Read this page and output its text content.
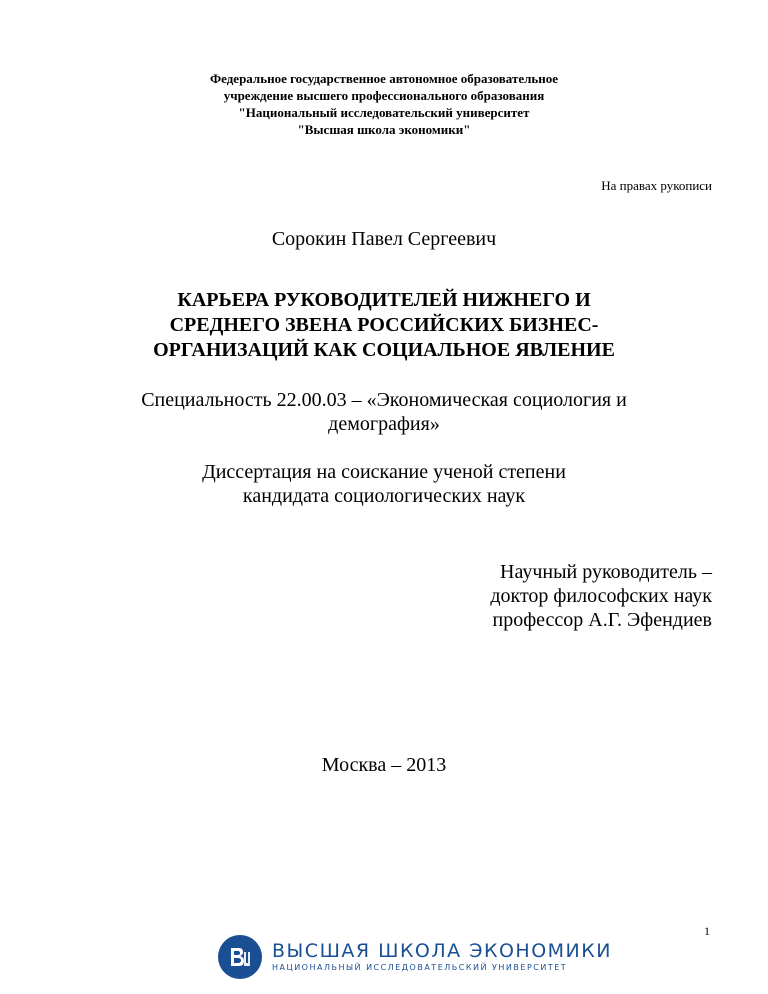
Федеральное государственное автономное образовательное
учреждение высшего профессионального образования
"Национальный исследовательский университет
"Высшая школа экономики"
На правах рукописи
Сорокин Павел Сергеевич
КАРЬЕРА РУКОВОДИТЕЛЕЙ НИЖНЕГО И
СРЕДНЕГО ЗВЕНА РОССИЙСКИХ БИЗНЕС-
ОРГАНИЗАЦИЙ КАК СОЦИАЛЬНОЕ ЯВЛЕНИЕ
Специальность 22.00.03 – «Экономическая социология и
демография»
Диссертация на соискание ученой степени
кандидата социологических наук
Научный руководитель –
доктор философских наук
профессор А.Г. Эфендиев
Москва – 2013
1
ВЫСШАЯ ШКОЛА ЭКОНОМИКИ
НАЦИОНАЛЬНЫЙ ИССЛЕДОВАТЕЛЬСКИЙ УНИВЕРСИТЕТ
